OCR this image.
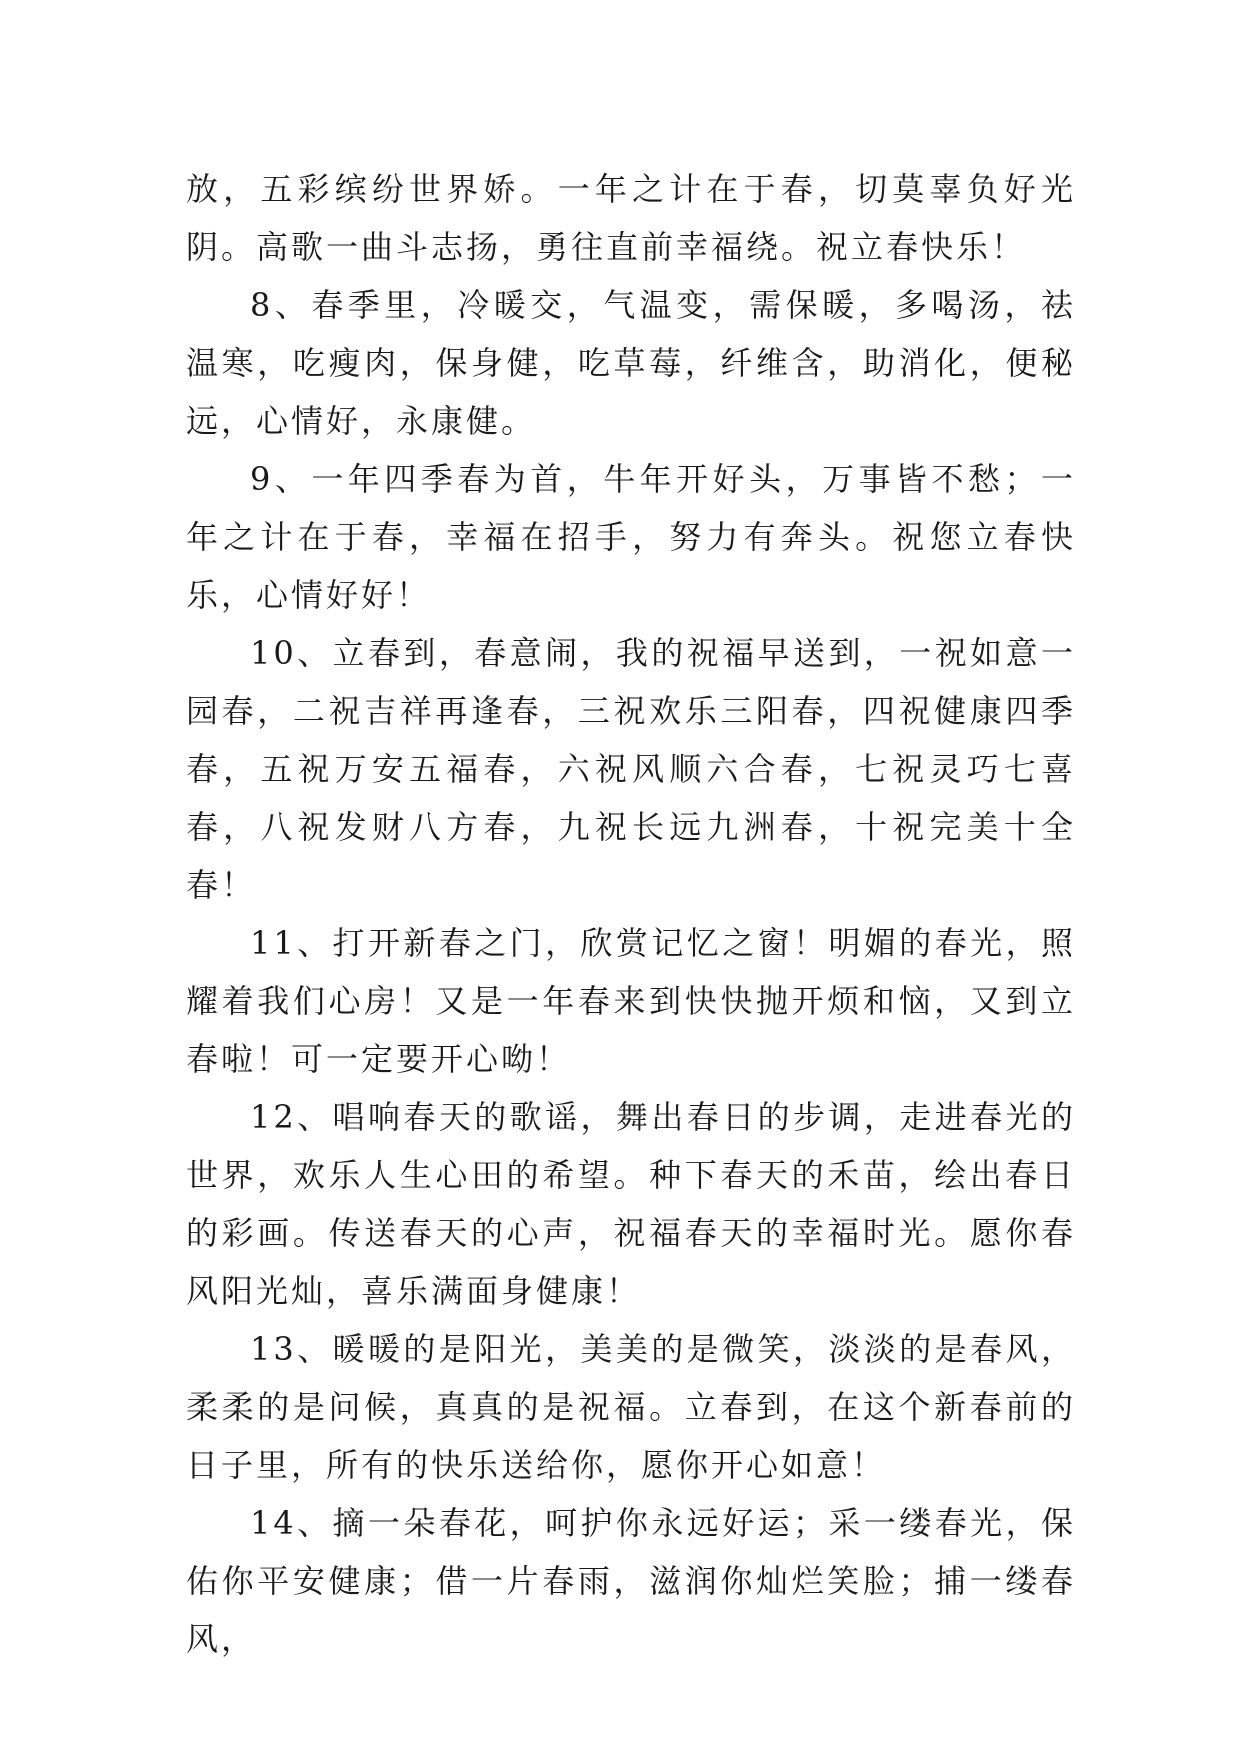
放，五彩缤纷世界娇。一年之计在于春，切莫辜负好光阴。高歌一曲斗志扬，勇往直前幸福绕。祝立春快乐！

8、春季里，冷暖交，气温变，需保暖，多喝汤，祛温寒，吃瘦肉，保身健，吃草莓，纤维含，助消化，便秘远，心情好，永康健。

9、一年四季春为首，牛年开好头，万事皆不愁；一年之计在于春，幸福在招手，努力有奔头。祝您立春快乐，心情好好！

10、立春到，春意闹，我的祝福早送到，一祝如意一园春，二祝吉祥再逢春，三祝欢乐三阳春，四祝健康四季春，五祝万安五福春，六祝风顺六合春，七祝灵巧七喜春，八祝发财八方春，九祝长远九洲春，十祝完美十全春！

11、打开新春之门，欣赏记忆之窗！明媚的春光，照耀着我们心房！又是一年春来到快快抛开烦和恼，又到立春啦！可一定要开心呦！

12、唱响春天的歌谣，舞出春日的步调，走进春光的世界，欢乐人生心田的希望。种下春天的禾苗，绘出春日的彩画。传送春天的心声，祝福春天的幸福时光。愿你春风阳光灿，喜乐满面身健康！

13、暖暖的是阳光，美美的是微笑，淡淡的是春风，柔柔的是问候，真真的是祝福。立春到，在这个新春前的日子里，所有的快乐送给你，愿你开心如意！

14、摘一朵春花，呵护你永远好运；采一缕春光，保佑你平安健康；借一片春雨，滋润你灿烂笑脸；捕一缕春风，
